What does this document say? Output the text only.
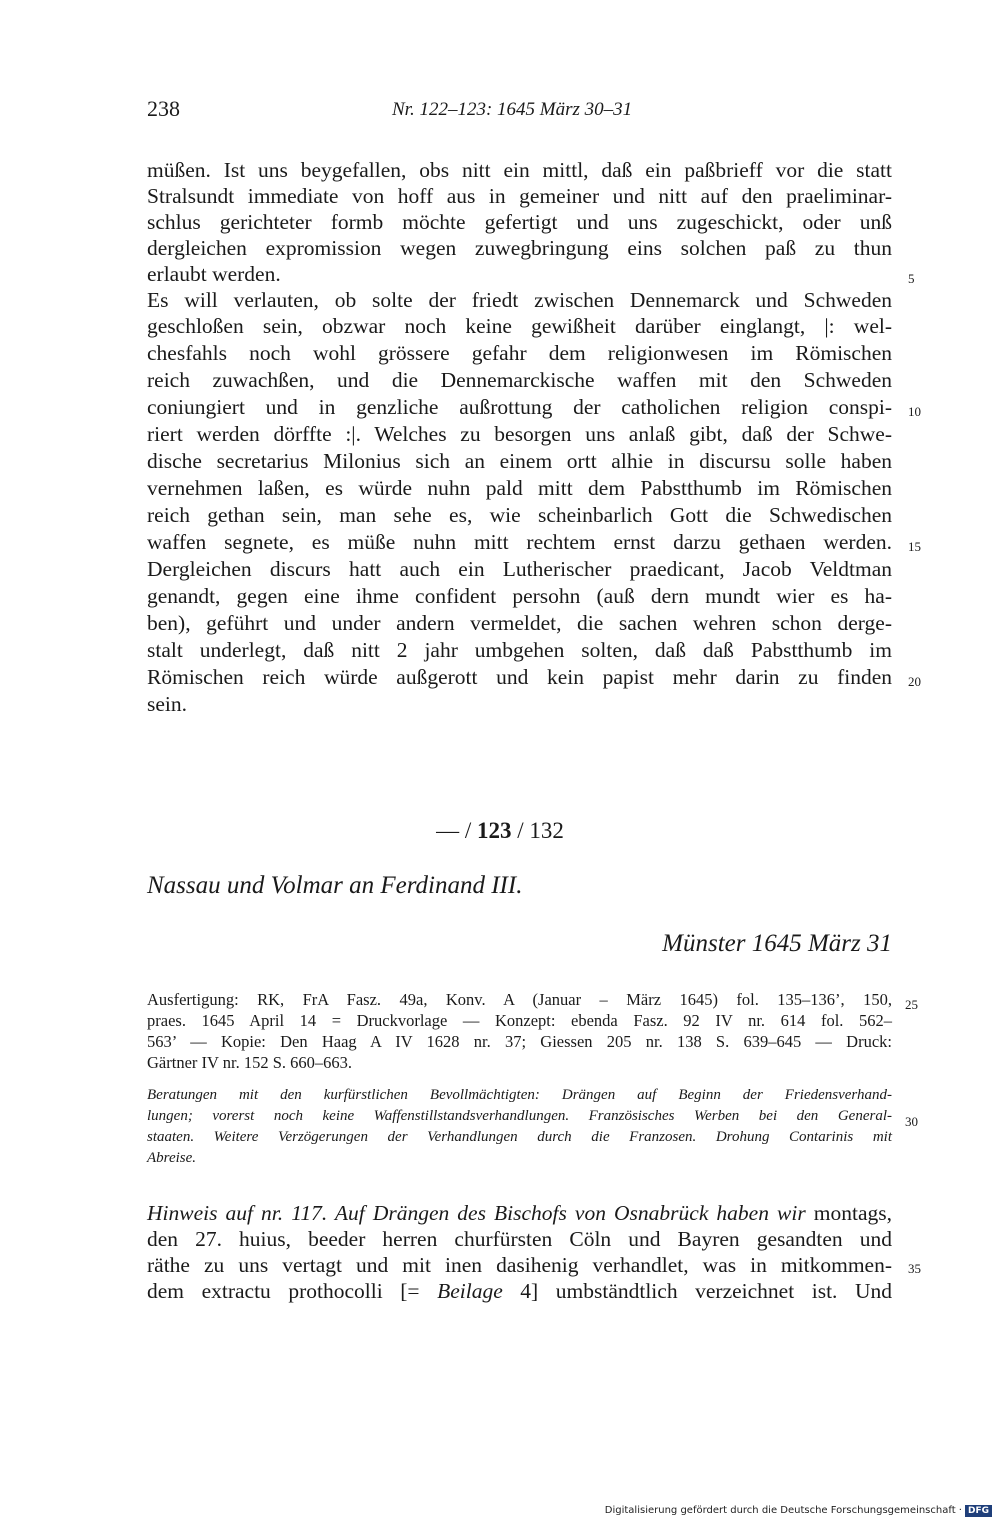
238	Nr. 122–123: 1645 März 30–31
müßen. Ist uns beygefallen, obs nitt ein mittl, daß ein paßbrieff vor die statt
Stralsundt immediate von hoff aus in gemeiner und nitt auf den praeliminar-
schlus gerichteter formb möchte gefertigt und uns zugeschickt, oder unß
dergleichen expromission wegen zuwegbringung eins solchen paß zu thun
erlaubt werden.
Es will verlauten, ob solte der friedt zwischen Dennemarck und Schweden
geschloßen sein, obzwar noch keine gewißheit darüber einglangt, |: wel-
chesfahls noch wohl grössere gefahr dem religionwesen im Römischen
reich zuwachßen, und die Dennemarckische waffen mit den Schweden
coniungiert und in genzliche außrottung der catholichen religion conspi-
riert werden dörffte :|. Welches zu besorgen uns anlaß gibt, daß der Schwe-
dische secretarius Milonius sich an einem ortt alhie in discursu solle haben
vernehmen laßen, es würde nuhn pald mitt dem Pabstthumb im Römischen
reich gethan sein, man sehe es, wie scheinbarlich Gott die Schwedischen
waffen segnete, es müße nuhn mitt rechtem ernst darzu gethaen werden.
Dergleichen discurs hatt auch ein Lutherischer praedicant, Jacob Veldtman
genandt, gegen eine ihme confident persohn (auß dern mundt wier es ha-
ben), geführt und under andern vermeldet, die sachen wehren schon derge-
stalt underlegt, daß nitt 2 jahr umbgehen solten, daß daß Pabstthumb im
Römischen reich würde außgerott und kein papist mehr darin zu finden
sein.
5
10
15
20
— / 123 / 132
Nassau und Volmar an Ferdinand III.
Münster 1645 März 31
Ausfertigung: RK, FrA Fasz. 49a, Konv. A (Januar – März 1645) fol. 135–136’, 150,
praes. 1645 April 14 = Druckvorlage — Konzept: ebenda Fasz. 92 IV nr. 614 fol. 562–
563’ — Kopie: Den Haag A IV 1628 nr. 37; Giessen 205 nr. 138 S. 639–645 — Druck:
Gärtner IV nr. 152 S. 660–663.
Beratungen mit den kurfürstlichen Bevollmächtigten: Drängen auf Beginn der Friedensverhand-
lungen; vorerst noch keine Waffenstillstandsverhandlungen. Französisches Werben bei den General-
staaten. Weitere Verzögerungen der Verhandlungen durch die Franzosen. Drohung Contarinis mit
Abreise.
25
30
35
Hinweis auf nr. 117. Auf Drängen des Bischofs von Osnabrück haben wir montags,
den 27. huius, beeder herren churfürsten Cöln und Bayren gesandten und
räthe zu uns vertagt und mit inen dasihenig verhandlet, was in mitkommen-
dem extractu prothocolli [= Beilage 4] umbständtlich verzeichnet ist. Und
Digitalisierung gefördert durch die Deutsche Forschungsgemeinschaft · DFG
